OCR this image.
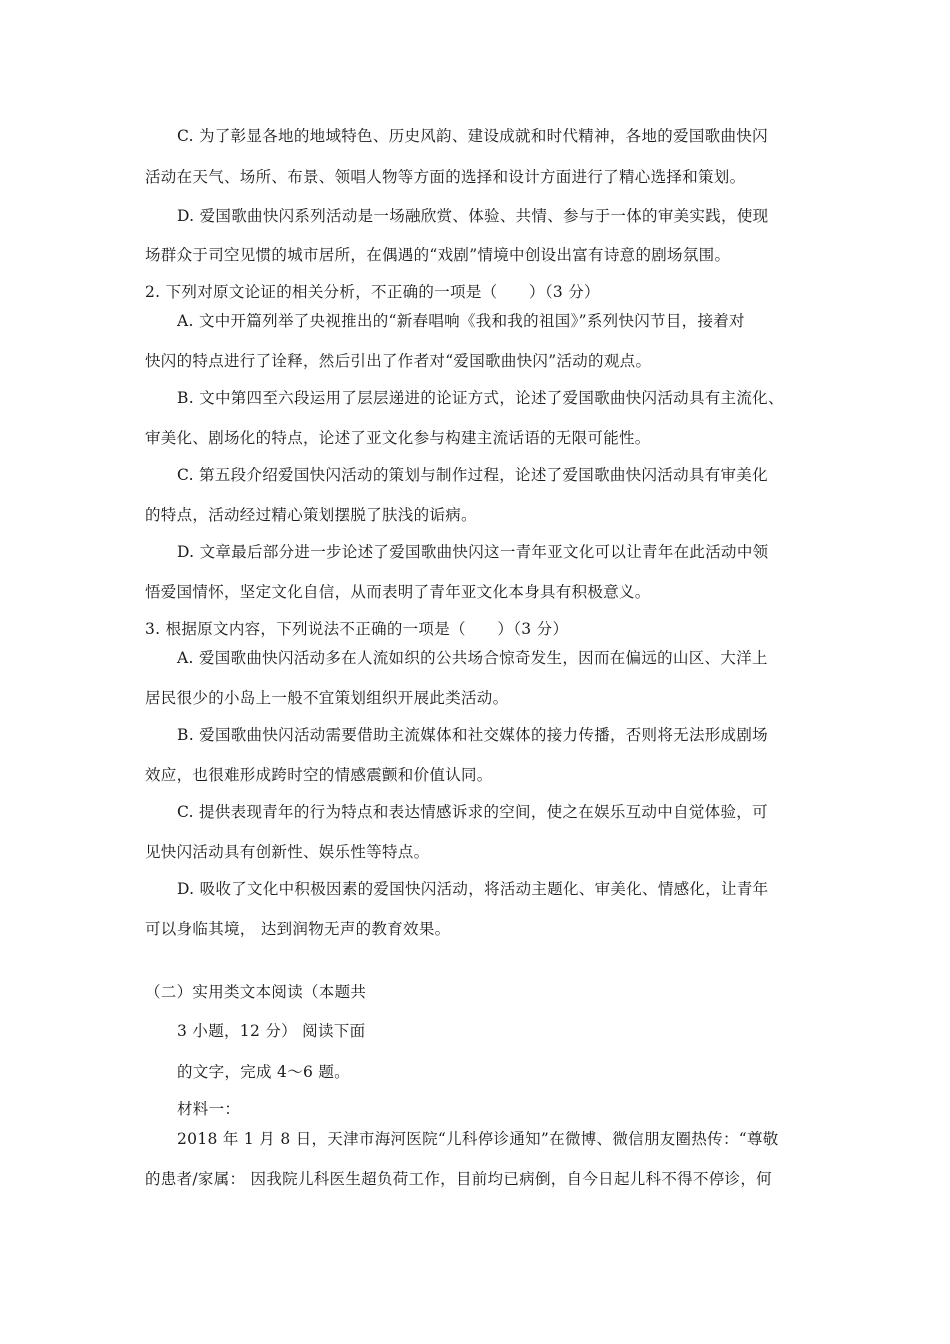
C. 为了彰显各地的地域特色、历史风韵、建设成就和时代精神，各地的爱国歌曲快闪
活动在天气、场所、布景、领唱人物等方面的选择和设计方面进行了精心选择和策划。
D. 爱国歌曲快闪系列活动是一场融欣赏、体验、共情、参与于一体的审美实践，使现
场群众于司空见惯的城市居所，在偶遇的“戏剧”情境中创设出富有诗意的剧场氛围。
2. 下列对原文论证的相关分析，不正确的一项是（　　）（3 分）
A. 文中开篇列举了央视推出的“新春唱响《我和我的祖国》”系列快闪节目，接着对
快闪的特点进行了诠释，然后引出了作者对“爱国歌曲快闪”活动的观点。
B. 文中第四至六段运用了层层递进的论证方式，论述了爱国歌曲快闪活动具有主流化、
审美化、剧场化的特点，论述了亚文化参与构建主流话语的无限可能性。
C. 第五段介绍爱国快闪活动的策划与制作过程，论述了爱国歌曲快闪活动具有审美化
的特点，活动经过精心策划摆脱了肤浅的诟病。
D. 文章最后部分进一步论述了爱国歌曲快闪这一青年亚文化可以让青年在此活动中领
悟爱国情怀，坚定文化自信，从而表明了青年亚文化本身具有积极意义。
3. 根据原文内容，下列说法不正确的一项是（　　）（3 分）
A. 爱国歌曲快闪活动多在人流如织的公共场合惊奇发生，因而在偏远的山区、大洋上
居民很少的小岛上一般不宜策划组织开展此类活动。
B. 爱国歌曲快闪活动需要借助主流媒体和社交媒体的接力传播，否则将无法形成剧场
效应，也很难形成跨时空的情感震颤和价值认同。
C. 提供表现青年的行为特点和表达情感诉求的空间，使之在娱乐互动中自觉体验，可
见快闪活动具有创新性、娱乐性等特点。
D. 吸收了文化中积极因素的爱国快闪活动，将活动主题化、审美化、情感化，让青年
可以身临其境， 达到润物无声的教育效果。
（二）实用类文本阅读（本题共
3 小题，12 分） 阅读下面
的文字，完成 4～6 题。
材料一：
2018 年 1 月 8 日，天津市海河医院“儿科停诊通知”在微博、微信朋友圈热传：“尊敬
的患者/家属： 因我院儿科医生超负荷工作，目前均已病倒，自今日起儿科不得不停诊，何
